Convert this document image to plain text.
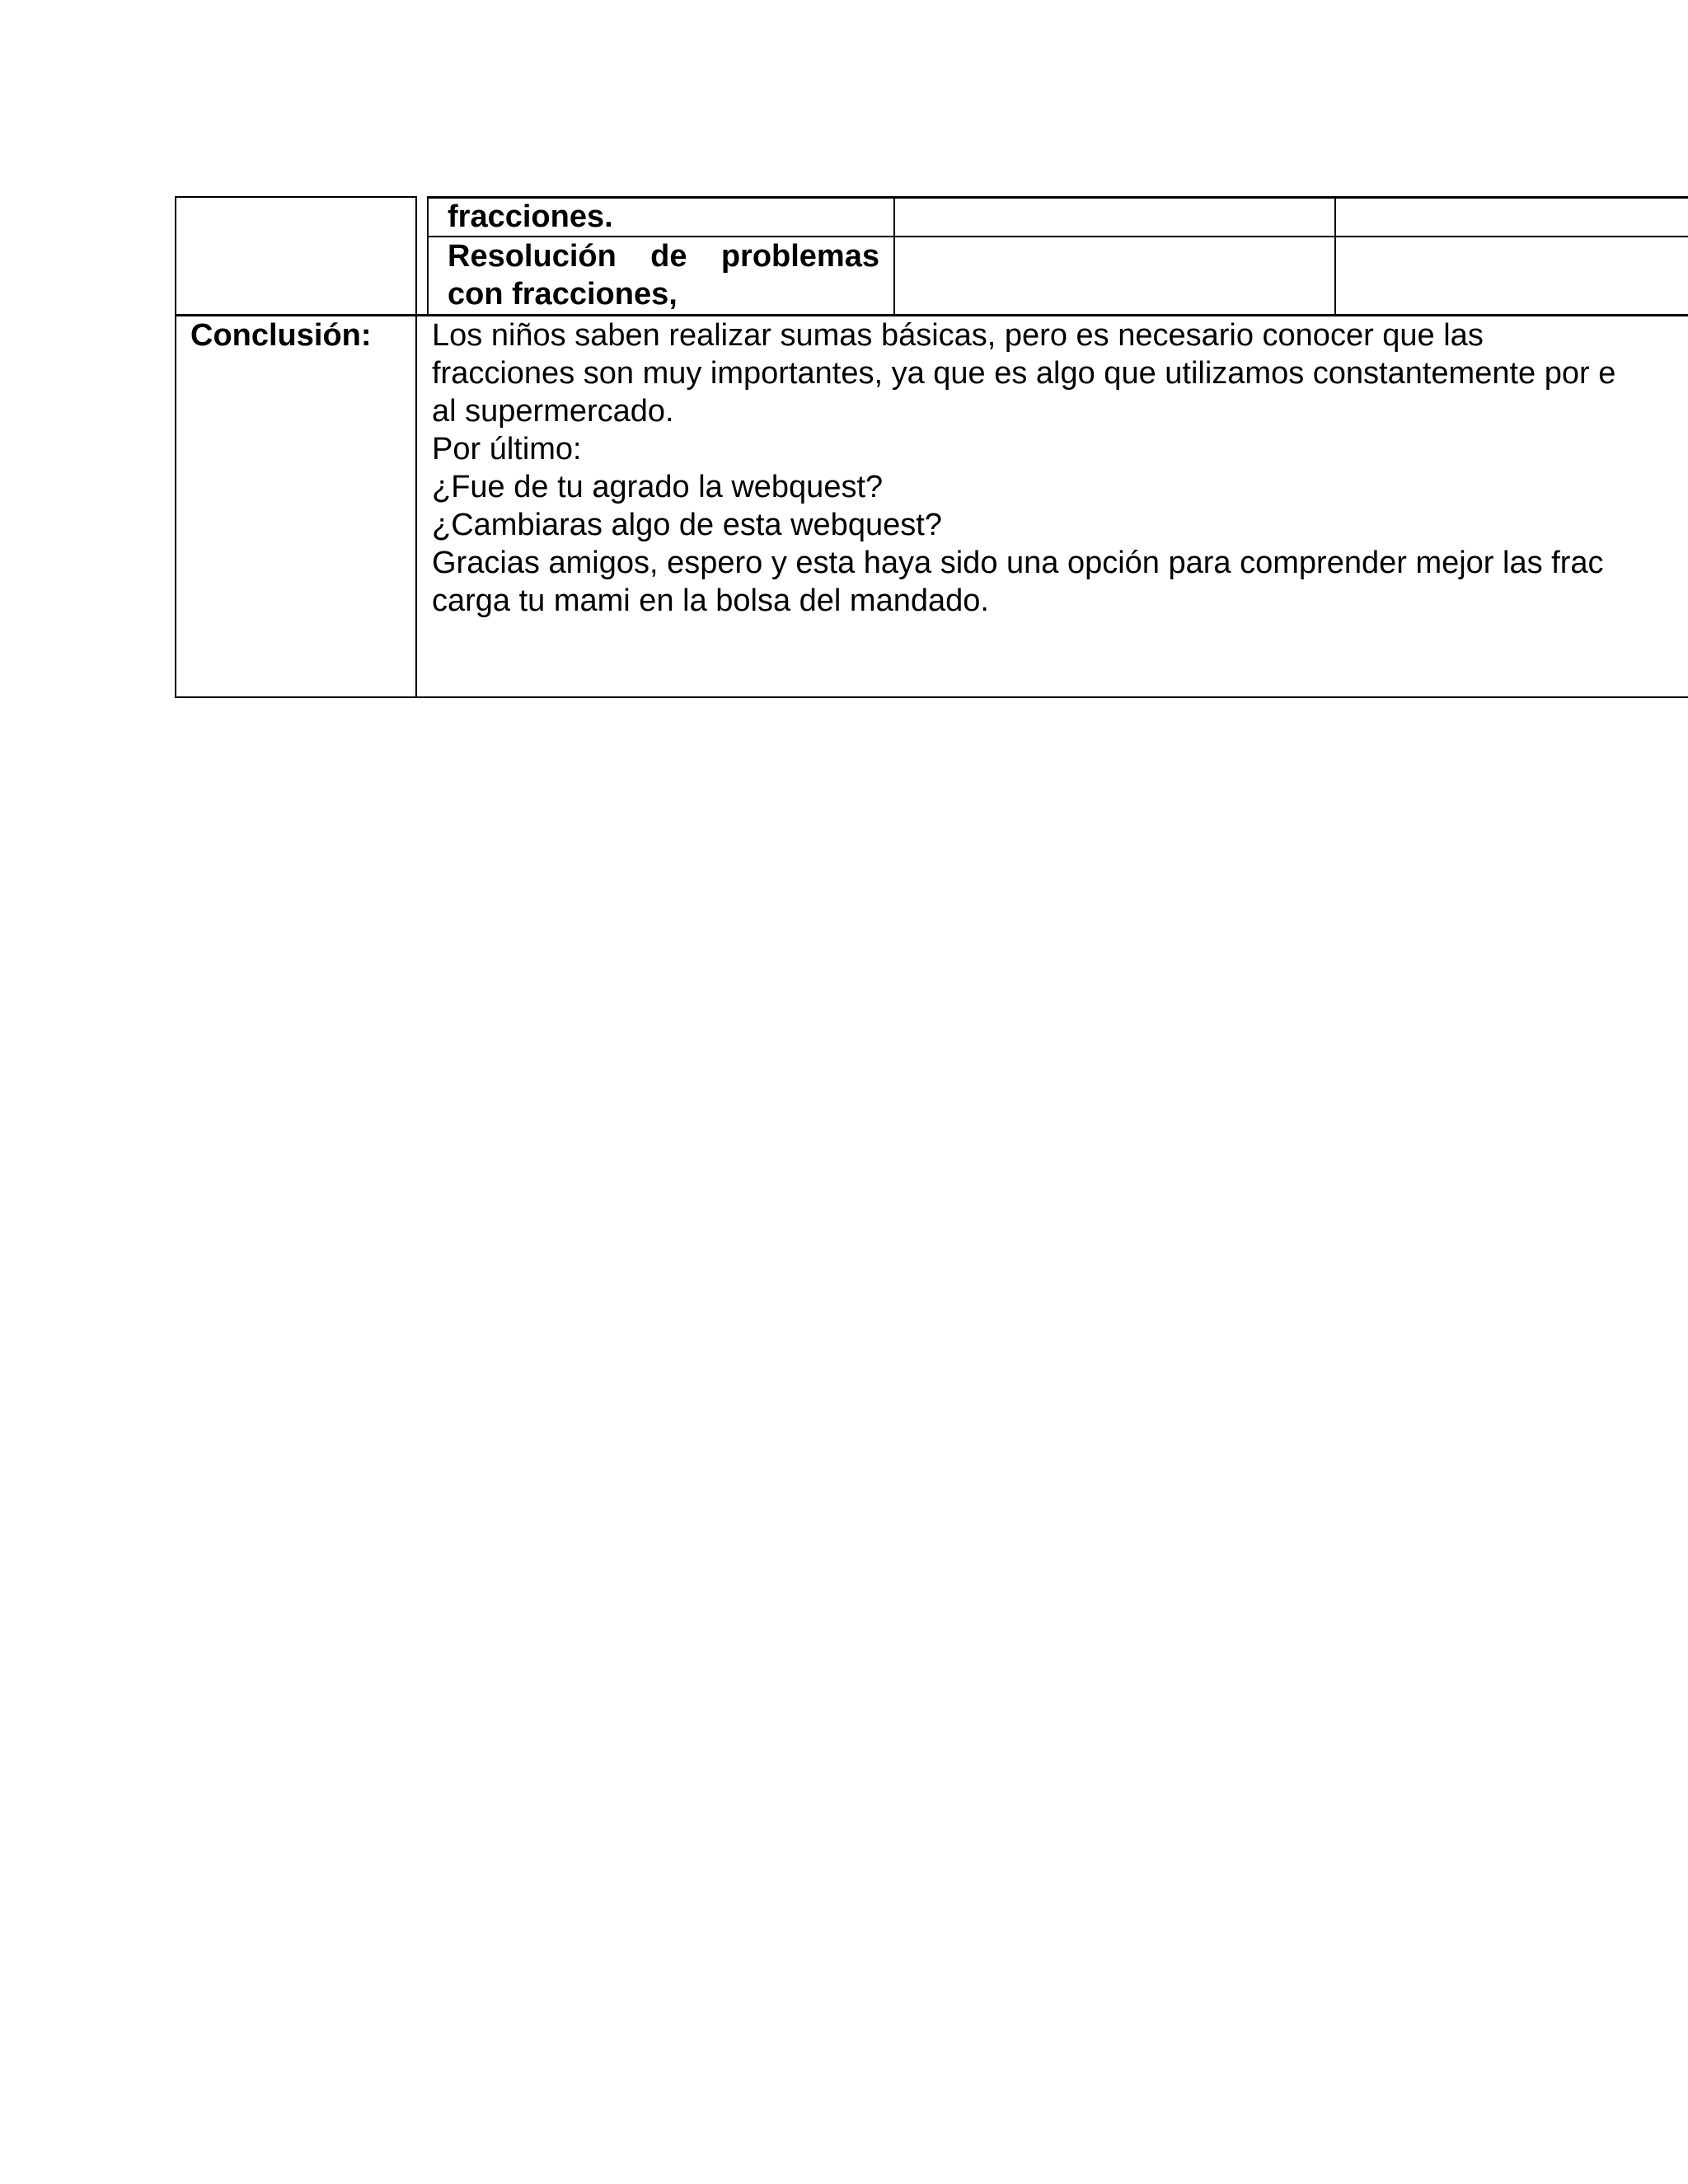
fracciones.
Resolución de problemas
con fracciones,
Conclusión: Los niños saben realizar sumas básicas, pero es necesario conocer que las
fracciones son muy importantes, ya que es algo que utilizamos constantemente por e
al supermercado.
Por último:
¿Fue de tu agrado la webquest?
¿Cambiaras algo de esta webquest?
Gracias amigos, espero y esta haya sido una opción para comprender mejor las frac
carga tu mami en la bolsa del mandado.
